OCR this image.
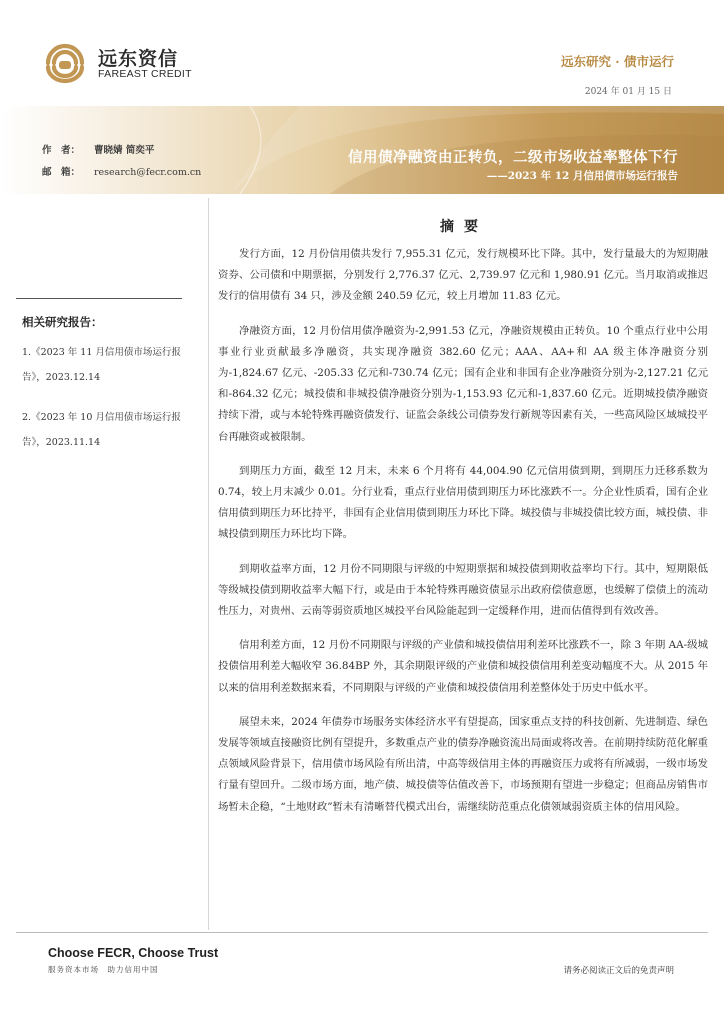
远东资信
FAREAST CREDIT
远东研究 · 债市运行
2024 年 01 月 15 日
作　者： 曹晓婧 简奕平
邮　箱： research@fecr.com.cn
信用债净融资由正转负，二级市场收益率整体下行
——2023 年 12 月信用债市场运行报告
相关研究报告：
1.《2023 年 11 月信用债市场运行报告》，2023.12.14
2.《2023 年 10 月信用债市场运行报告》，2023.11.14
摘要

发行方面，12 月份信用债共发行 7,955.31 亿元，发行规模环比下降。其中，发行量最大的为短期融资券、公司债和中期票据，分别发行 2,776.37 亿元、2,739.97 亿元和 1,980.91 亿元。当月取消或推迟发行的信用债有 34 只，涉及金额 240.59 亿元，较上月增加 11.83 亿元。

净融资方面，12 月份信用债净融资为-2,991.53 亿元，净融资规模由正转负。10 个重点行业中公用事业行业贡献最多净融资，共实现净融资 382.60 亿元；AAA、AA+和 AA 级主体净融资分别为-1,824.67 亿元、-205.33 亿元和-730.74 亿元；国有企业和非国有企业净融资分别为-2,127.21 亿元和-864.32 亿元；城投债和非城投债净融资分别为-1,153.93 亿元和-1,837.60 亿元。近期城投债净融资持续下滑，或与本轮特殊再融资债发行、证监会条线公司债券发行新规等因素有关，一些高风险区域城投平台再融资或被限制。

到期压力方面，截至 12 月末，未来 6 个月将有 44,004.90 亿元信用债到期，到期压力迁移系数为 0.74，较上月末减少 0.01。分行业看，重点行业信用债到期压力环比涨跌不一。分企业性质看，国有企业信用债到期压力环比持平，非国有企业信用债到期压力环比下降。城投债与非城投债比较方面，城投债、非城投债到期压力环比均下降。

到期收益率方面，12 月份不同期限与评级的中短期票据和城投债到期收益率均下行。其中，短期限低等级城投债到期收益率大幅下行，或是由于本轮特殊再融资债显示出政府偿债意愿，也缓解了偿债上的流动性压力，对贵州、云南等弱资质地区城投平台风险能起到一定缓释作用，进而估值得到有效改善。

信用利差方面，12 月份不同期限与评级的产业债和城投债信用利差环比涨跌不一，除 3 年期 AA-级城投债信用利差大幅收窄 36.84BP 外，其余期限评级的产业债和城投债信用利差变动幅度不大。从 2015 年以来的信用利差数据来看，不同期限与评级的产业债和城投债信用利差整体处于历史中低水平。

展望未来，2024 年债券市场服务实体经济水平有望提高，国家重点支持的科技创新、先进制造、绿色发展等领域直接融资比例有望提升，多数重点产业的债券净融资流出局面或将改善。在前期持续防范化解重点领域风险背景下，信用债市场风险有所出清，中高等级信用主体的再融资压力或将有所减弱，一级市场发行量有望回升。二级市场方面，地产债、城投债等估值改善下，市场预期有望进一步稳定；但商品房销售市场暂未企稳，“土地财政”暂未有清晰替代模式出台，需继续防范重点化债领域弱资质主体的信用风险。

Choose FECR, Choose Trust
服务资本市场　助力信用中国	请务必阅读正文后的免责声明
